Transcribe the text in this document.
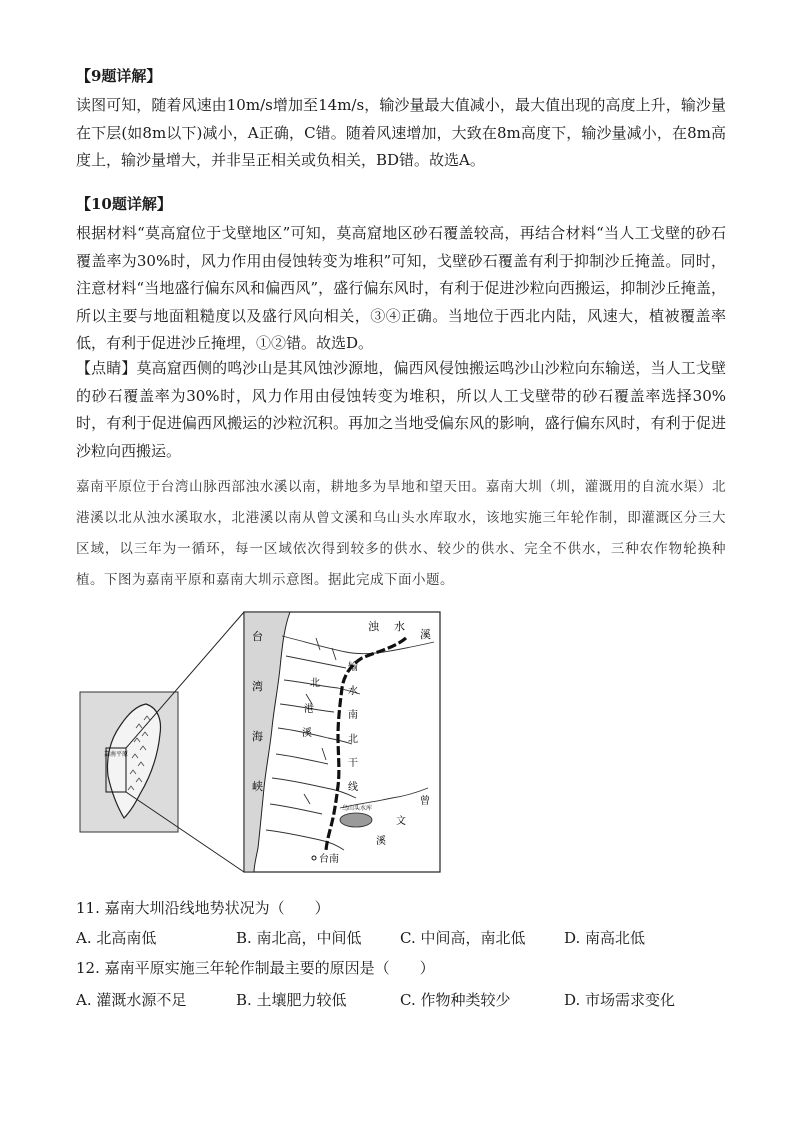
【9题详解】

读图可知，随着风速由10m/s增加至14m/s，输沙量最大值减小，最大值出现的高度上升，输沙量在下层(如8m以下)减小，A正确，C错。随着风速增加，大致在8m高度下，输沙量减小，在8m高度上，输沙量增大，并非呈正相关或负相关，BD错。故选A。

【10题详解】

根据材料“莫高窟位于戈壁地区”可知，莫高窟地区砂石覆盖较高，再结合材料“当人工戈壁的砂石覆盖率为30%时，风力作用由侵蚀转变为堆积”可知，戈壁砂石覆盖有利于抑制沙丘掩盖。同时，注意材料“当地盛行偏东风和偏西风”，盛行偏东风时，有利于促进沙粒向西搬运，抑制沙丘掩盖，所以主要与地面粗糙度以及盛行风向相关，③④正确。当地位于西北内陆，风速大，植被覆盖率低，有利于促进沙丘掩埋，①②错。故选D。

【点睛】莫高窟西侧的鸣沙山是其风蚀沙源地，偏西风侵蚀搬运鸣沙山沙粒向东输送，当人工戈壁的砂石覆盖率为30%时，风力作用由侵蚀转变为堆积，所以人工戈壁带的砂石覆盖率选择30%时，有利于促进偏西风搬运的沙粒沉积。再加之当地受偏东风的影响，盛行偏东风时，有利于促进沙粒向西搬运。

嘉南平原位于台湾山脉西部浊水溪以南，耕地多为旱地和望天田。嘉南大圳（圳，灌溉用的自流水渠）北港溪以北从浊水溪取水，北港溪以南从曾文溪和乌山头水库取水，该地实施三年轮作制，即灌溉区分三大区域，以三年为一循环，每一区域依次得到较多的供水、较少的供水、完全不供水，三种农作物轮换种植。下图为嘉南平原和嘉南大圳示意图。据此完成下面小题。

嘉南平原
台
湾
海
峡
浊 水
溪
北
港
溪
输
水
南
北
干
线
乌山头水库
曾
文
溪
台南
11. 嘉南大圳沿线地势状况为（　　）
A. 北高南低	B. 南北高，中间低	C. 中间高，南北低	D. 南高北低
12. 嘉南平原实施三年轮作制最主要的原因是（　　）
A. 灌溉水源不足	B. 土壤肥力较低	C. 作物种类较少	D. 市场需求变化
